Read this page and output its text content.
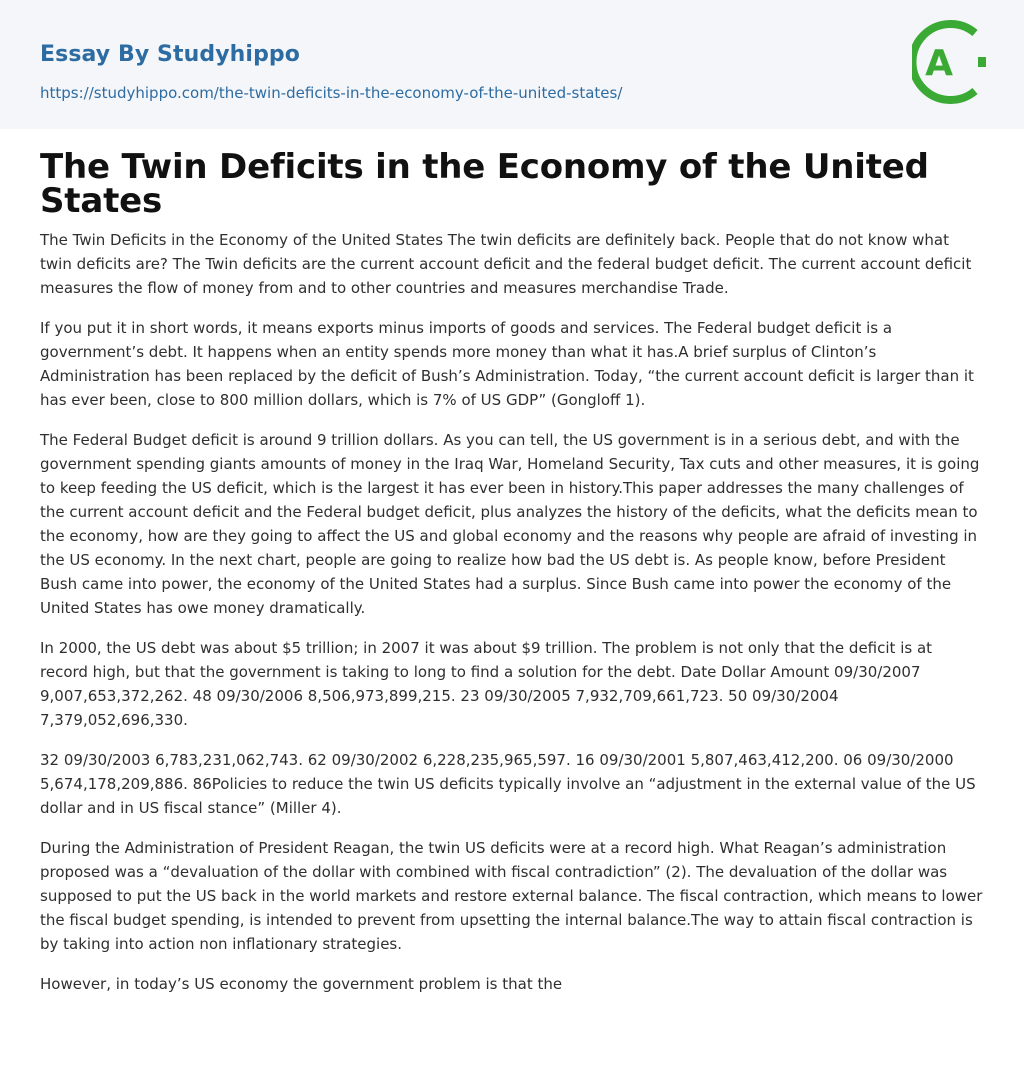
Essay By Studyhippo
https://studyhippo.com/the-twin-deficits-in-the-economy-of-the-united-states/
A
The Twin Deficits in the Economy of the United States

The Twin Deficits in the Economy of the United States The twin deficits are definitely back. People that do not know what twin deficits are? The Twin deficits are the current account deficit and the federal budget deficit. The current account deficit measures the flow of money from and to other countries and measures merchandise Trade.

If you put it in short words, it means exports minus imports of goods and services. The Federal budget deficit is a government’s debt. It happens when an entity spends more money than what it has.A brief surplus of Clinton’s Administration has been replaced by the deficit of Bush’s Administration. Today, “the current account deficit is larger than it has ever been, close to 800 million dollars, which is 7% of US GDP” (Gongloff 1).

The Federal Budget deficit is around 9 trillion dollars. As you can tell, the US government is in a serious debt, and with the government spending giants amounts of money in the Iraq War, Homeland Security, Tax cuts and other measures, it is going to keep feeding the US deficit, which is the largest it has ever been in history.This paper addresses the many challenges of the current account deficit and the Federal budget deficit, plus analyzes the history of the deficits, what the deficits mean to the economy, how are they going to affect the US and global economy and the reasons why people are afraid of investing in the US economy. In the next chart, people are going to realize how bad the US debt is. As people know, before President Bush came into power, the economy of the United States had a surplus. Since Bush came into power the economy of the United States has owe money dramatically.

In 2000, the US debt was about $5 trillion; in 2007 it was about $9 trillion. The problem is not only that the deficit is at record high, but that the government is taking to long to find a solution for the debt. Date Dollar Amount 09/30/2007 9,007,653,372,262. 48 09/30/2006 8,506,973,899,215. 23 09/30/2005 7,932,709,661,723. 50 09/30/2004 7,379,052,696,330.

32 09/30/2003 6,783,231,062,743. 62 09/30/2002 6,228,235,965,597. 16 09/30/2001 5,807,463,412,200. 06 09/30/2000 5,674,178,209,886. 86Policies to reduce the twin US deficits typically involve an “adjustment in the external value of the US dollar and in US fiscal stance” (Miller 4).

During the Administration of President Reagan, the twin US deficits were at a record high. What Reagan’s administration proposed was a “devaluation of the dollar with combined with fiscal contradiction” (2). The devaluation of the dollar was supposed to put the US back in the world markets and restore external balance. The fiscal contraction, which means to lower the fiscal budget spending, is intended to prevent from upsetting the internal balance.The way to attain fiscal contraction is by taking into action non inflationary strategies.

However, in today’s US economy the government problem is that the
